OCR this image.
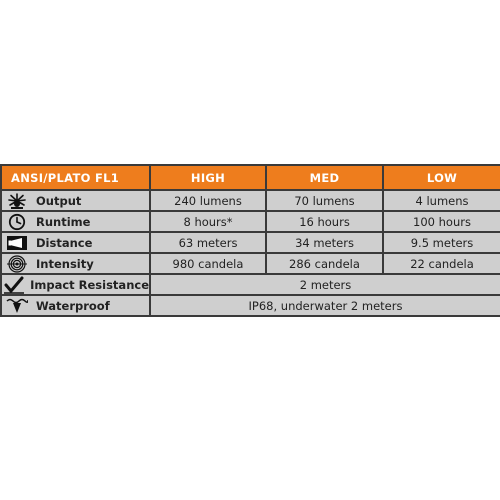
ANSI/PLATO FL1	HIGH	MED	LOW

Output	240 lumens	70 lumens	4 lumens

Runtime	8 hours*	16 hours	100 hours

Distance	63 meters	34 meters	9.5 meters

Intensity	980 candela	286 candela	22 candela

Impact Resistance	2 meters		

Waterproof	IP68, underwater 2 meters		
